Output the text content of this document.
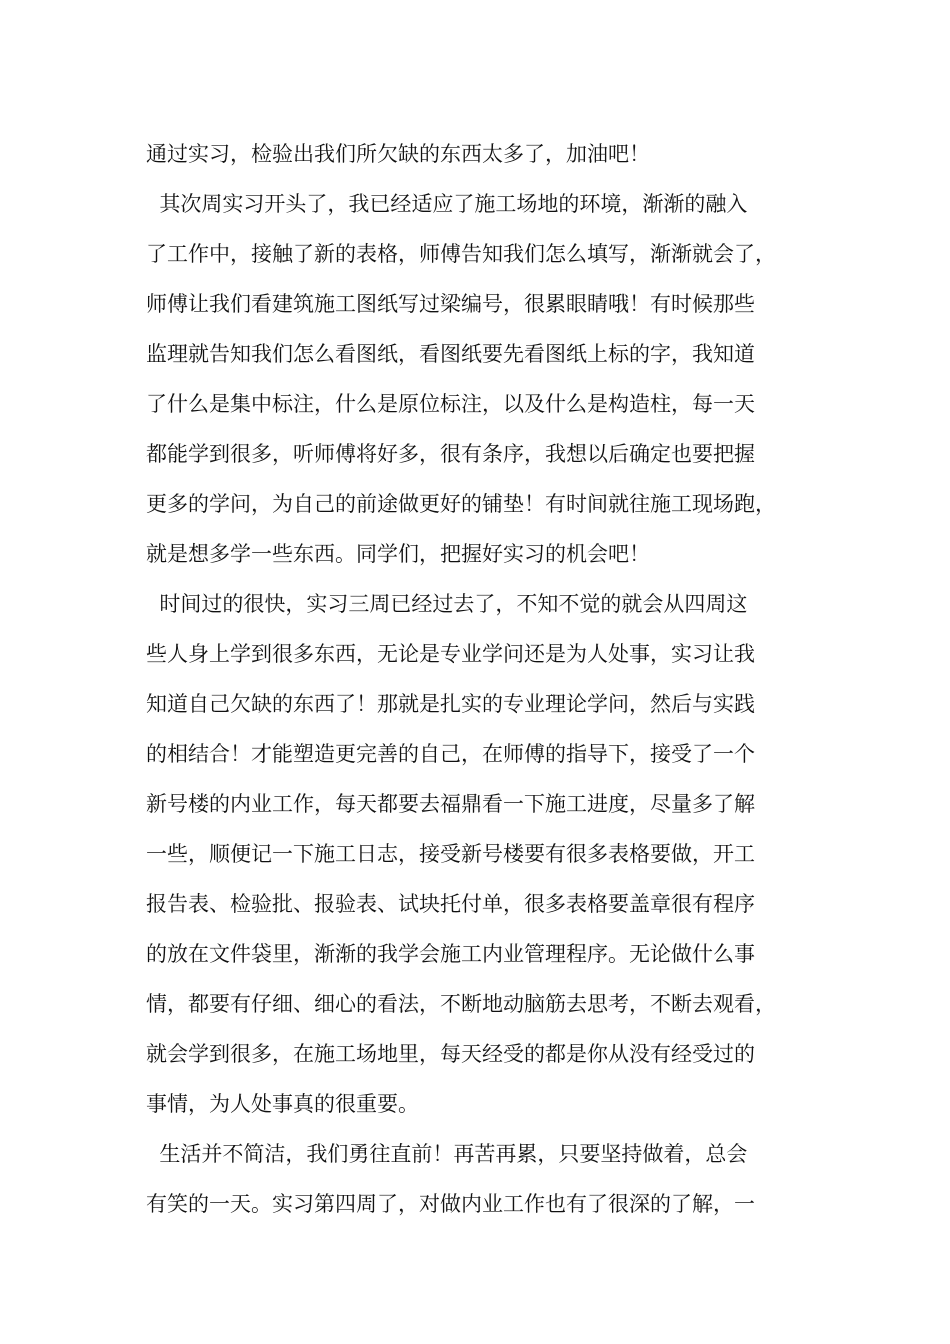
通过实习，检验出我们所欠缺的东西太多了，加油吧！
其次周实习开头了，我已经适应了施工场地的环境，渐渐的融入
了工作中，接触了新的表格，师傅告知我们怎么填写，渐渐就会了，
师傅让我们看建筑施工图纸写过梁编号，很累眼睛哦！有时候那些
监理就告知我们怎么看图纸，看图纸要先看图纸上标的字，我知道
了什么是集中标注，什么是原位标注，以及什么是构造柱，每一天
都能学到很多，听师傅将好多，很有条序，我想以后确定也要把握
更多的学问，为自己的前途做更好的铺垫！有时间就往施工现场跑，
就是想多学一些东西。同学们，把握好实习的机会吧！
时间过的很快，实习三周已经过去了，不知不觉的就会从四周这
些人身上学到很多东西，无论是专业学问还是为人处事，实习让我
知道自己欠缺的东西了！那就是扎实的专业理论学问，然后与实践
的相结合！才能塑造更完善的自己，在师傅的指导下，接受了一个
新号楼的内业工作，每天都要去福鼎看一下施工进度，尽量多了解
一些，顺便记一下施工日志，接受新号楼要有很多表格要做，开工
报告表、检验批、报验表、试块托付单，很多表格要盖章很有程序
的放在文件袋里，渐渐的我学会施工内业管理程序。无论做什么事
情，都要有仔细、细心的看法，不断地动脑筋去思考，不断去观看，
就会学到很多，在施工场地里，每天经受的都是你从没有经受过的
事情，为人处事真的很重要。
生活并不简洁，我们勇往直前！再苦再累，只要坚持做着，总会
有笑的一天。实习第四周了，对做内业工作也有了很深的了解，一
